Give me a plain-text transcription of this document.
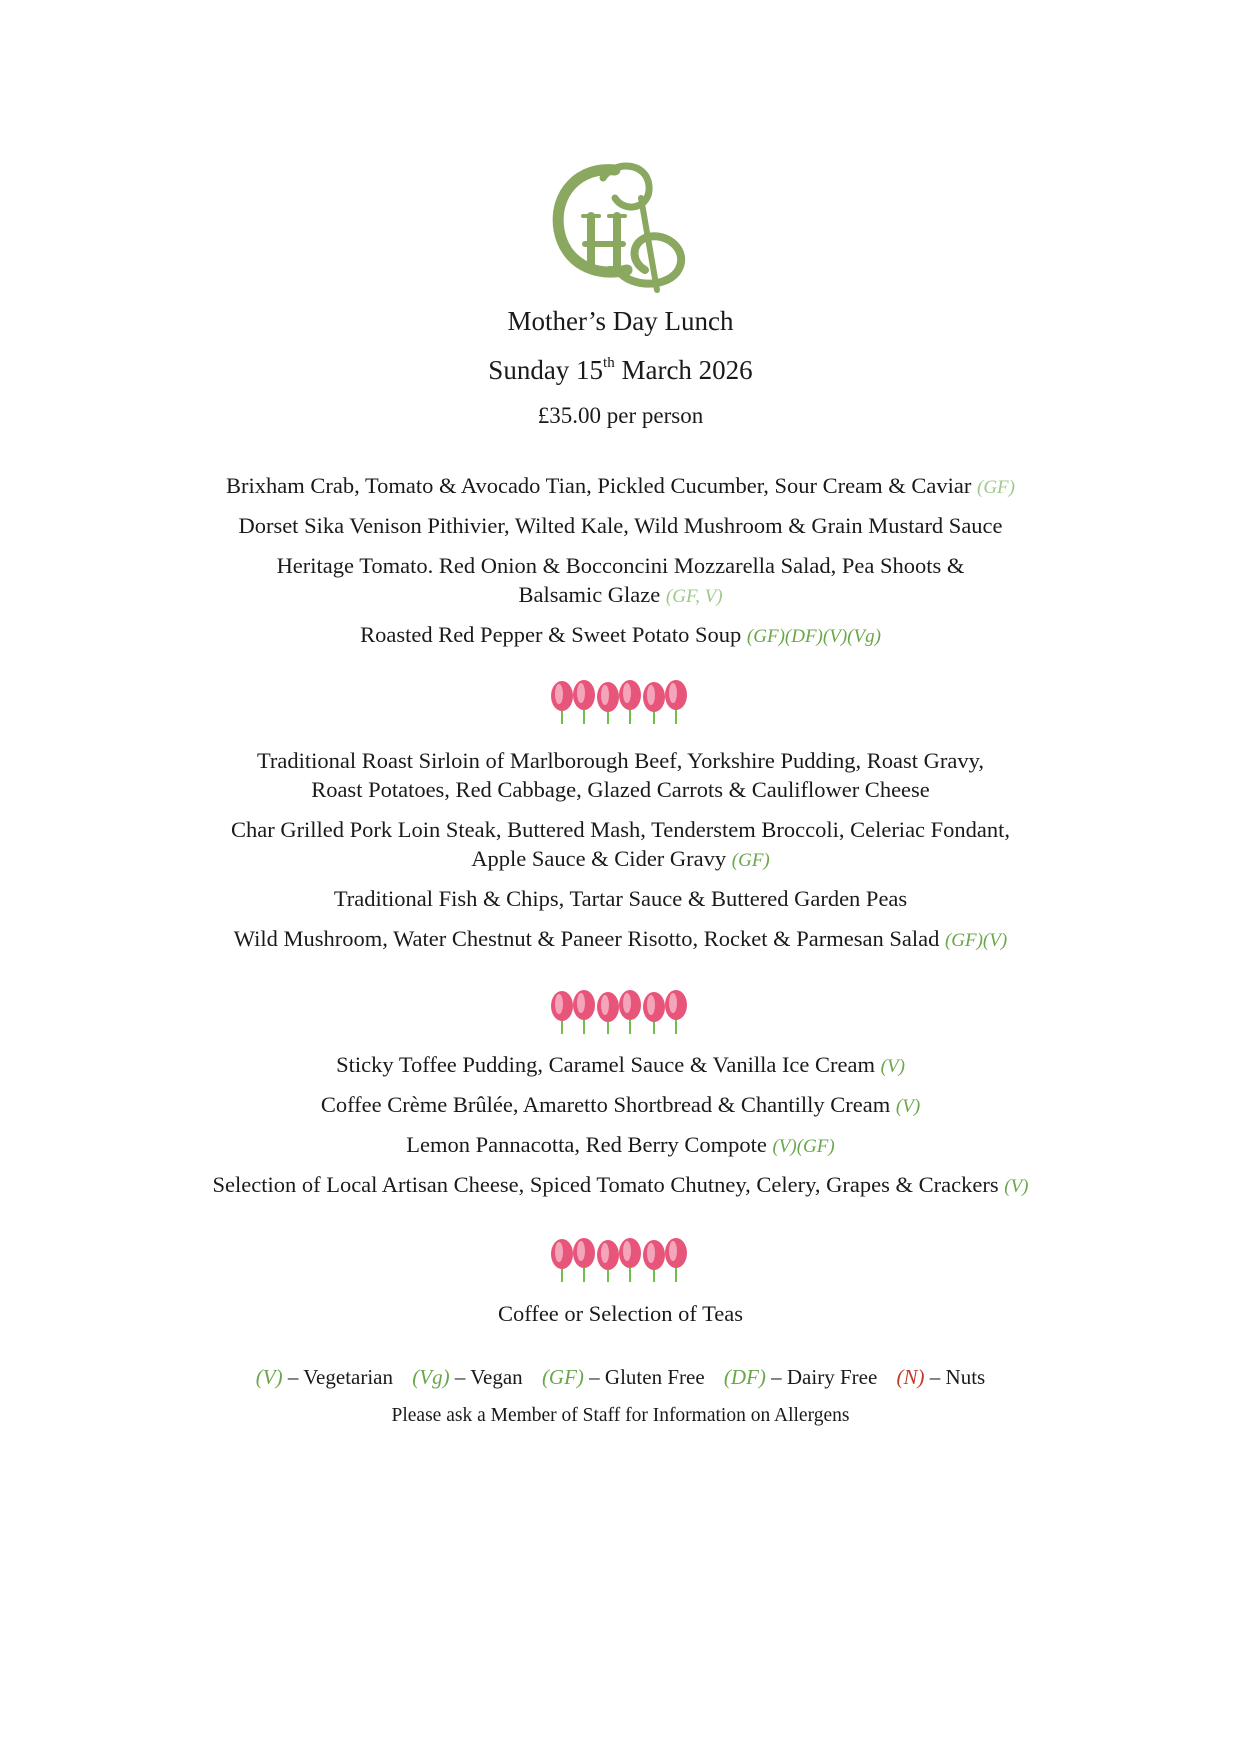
Mother’s Day Lunch
Sunday 15th March 2026
£35.00 per person
Brixham Crab, Tomato & Avocado Tian, Pickled Cucumber, Sour Cream & Caviar (GF)
Dorset Sika Venison Pithivier, Wilted Kale, Wild Mushroom & Grain Mustard Sauce
Heritage Tomato. Red Onion & Bocconcini Mozzarella Salad, Pea Shoots &
Balsamic Glaze (GF, V)
Roasted Red Pepper & Sweet Potato Soup (GF)(DF)(V)(Vg)
Traditional Roast Sirloin of Marlborough Beef, Yorkshire Pudding, Roast Gravy,
Roast Potatoes, Red Cabbage, Glazed Carrots & Cauliflower Cheese
Char Grilled Pork Loin Steak, Buttered Mash, Tenderstem Broccoli, Celeriac Fondant,
Apple Sauce & Cider Gravy (GF)
Traditional Fish & Chips, Tartar Sauce & Buttered Garden Peas
Wild Mushroom, Water Chestnut & Paneer Risotto, Rocket & Parmesan Salad (GF)(V)
Sticky Toffee Pudding, Caramel Sauce & Vanilla Ice Cream (V)
Coffee Crème Brûlée, Amaretto Shortbread & Chantilly Cream (V)
Lemon Pannacotta, Red Berry Compote (V)(GF)
Selection of Local Artisan Cheese, Spiced Tomato Chutney, Celery, Grapes & Crackers (V)
Coffee or Selection of Teas
(V) – Vegetarian (Vg) – Vegan (GF) – Gluten Free (DF) – Dairy Free (N) – Nuts
Please ask a Member of Staff for Information on Allergens
